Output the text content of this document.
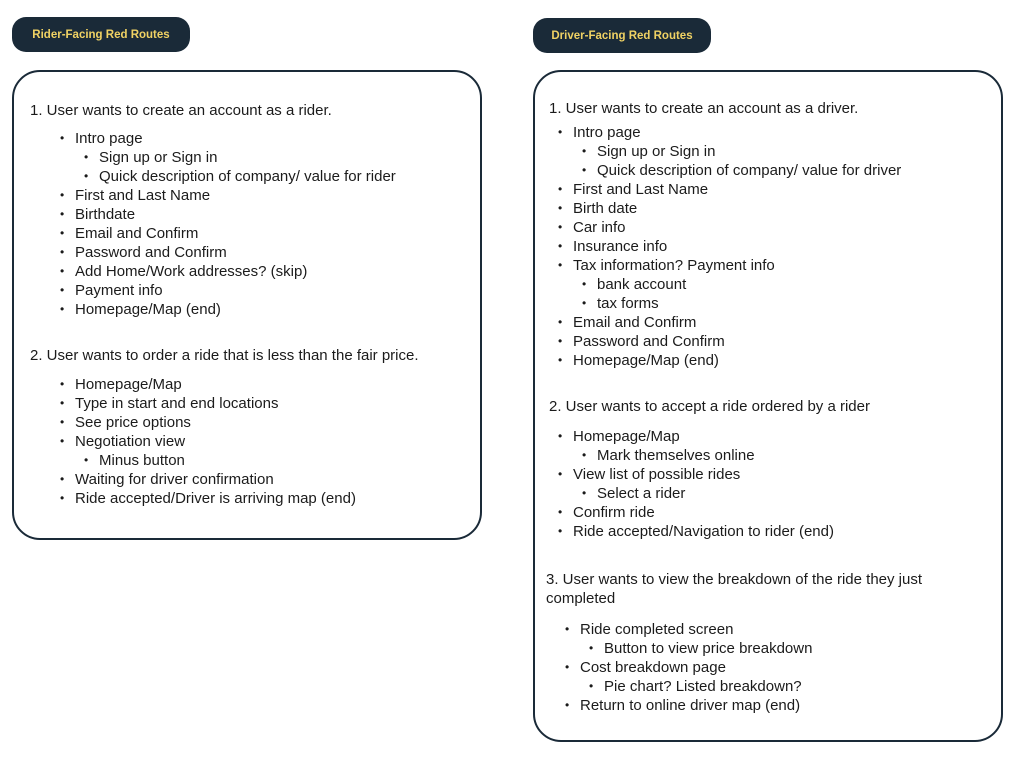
Rider-Facing Red Routes	Driver-Facing Red Routes
1. User wants to create an account as a rider.
• Intro page
• Sign up or Sign in
• Quick description of company/ value for rider
• First and Last Name
• Birthdate
• Email and Confirm
• Password and Confirm
• Add Home/Work addresses? (skip)
• Payment info
• Homepage/Map (end)
2. User wants to order a ride that is less than the fair price.
• Homepage/Map
• Type in start and end locations
• See price options
• Negotiation view
• Minus button
• Waiting for driver confirmation
• Ride accepted/Driver is arriving map (end)
1. User wants to create an account as a driver.
• Intro page
• Sign up or Sign in
• Quick description of company/ value for driver
• First and Last Name
• Birth date
• Car info
• Insurance info
• Tax information? Payment info
• bank account
• tax forms
• Email and Confirm
• Password and Confirm
• Homepage/Map (end)
2. User wants to accept a ride ordered by a rider
• Homepage/Map
• Mark themselves online
• View list of possible rides
• Select a rider
• Confirm ride
• Ride accepted/Navigation to rider (end)
3. User wants to view the breakdown of the ride they just completed
• Ride completed screen
• Button to view price breakdown
• Cost breakdown page
• Pie chart? Listed breakdown?
• Return to online driver map (end)
